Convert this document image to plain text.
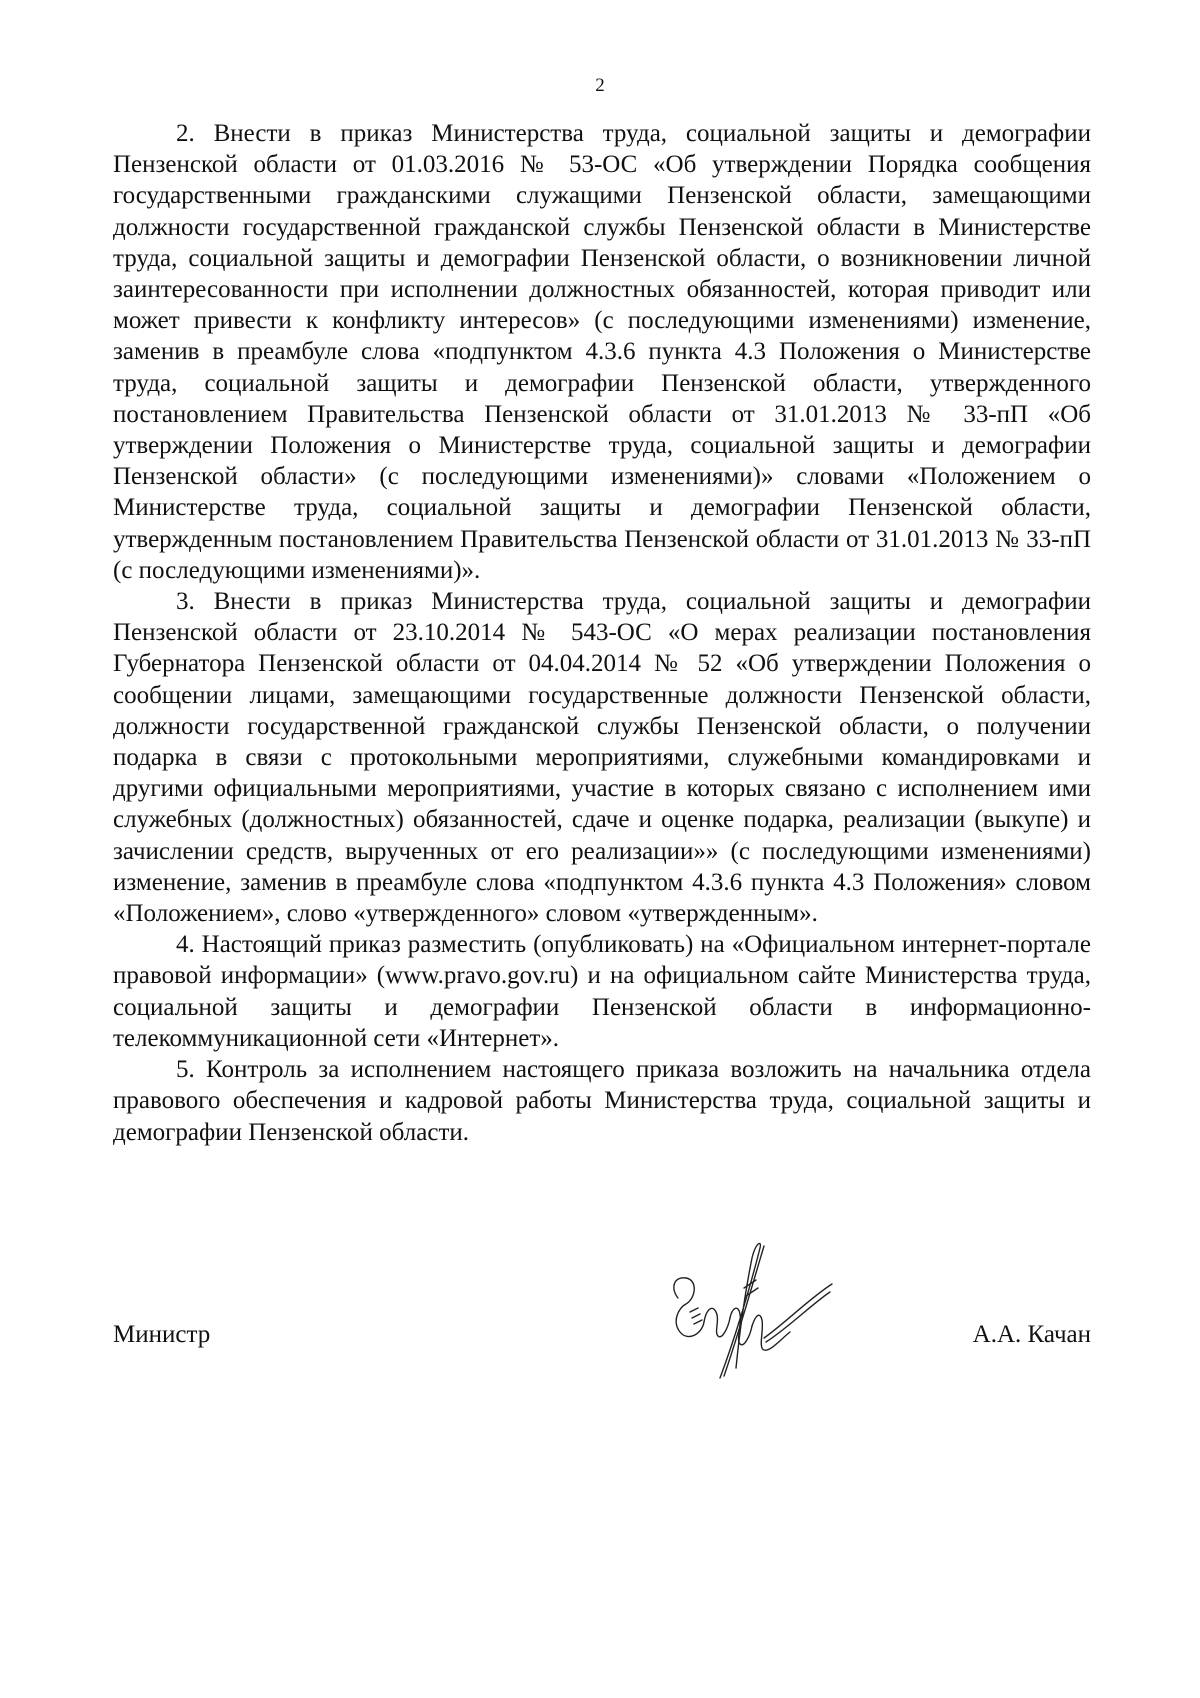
2

2. Внести в приказ Министерства труда, социальной защиты и демографии Пензенской области от 01.03.2016 № 53-ОС «Об утверждении Порядка сообщения государственными гражданскими служащими Пензенской области, замещающими должности государственной гражданской службы Пензенской области в Министерстве труда, социальной защиты и демографии Пензенской области, о возникновении личной заинтересованности при исполнении должностных обязанностей, которая приводит или может привести к конфликту интересов» (с последующими изменениями) изменение, заменив в преамбуле слова «подпунктом 4.3.6 пункта 4.3 Положения о Министерстве труда, социальной защиты и демографии Пензенской области, утвержденного постановлением Правительства Пензенской области от 31.01.2013 № 33-пП «Об утверждении Положения о Министерстве труда, социальной защиты и демографии Пензенской области» (с последующими изменениями)» словами «Положением о Министерстве труда, социальной защиты и демографии Пензенской области, утвержденным постановлением Правительства Пензенской области от 31.01.2013 № 33-пП (с последующими изменениями)».

3. Внести в приказ Министерства труда, социальной защиты и демографии Пензенской области от 23.10.2014 № 543-ОС «О мерах реализации постановления Губернатора Пензенской области от 04.04.2014 № 52 «Об утверждении Положения о сообщении лицами, замещающими государственные должности Пензенской области, должности государственной гражданской службы Пензенской области, о получении подарка в связи с протокольными мероприятиями, служебными командировками и другими официальными мероприятиями, участие в которых связано с исполнением ими служебных (должностных) обязанностей, сдаче и оценке подарка, реализации (выкупе) и зачислении средств, вырученных от его реализации»» (с последующими изменениями) изменение, заменив в преамбуле слова «подпунктом 4.3.6 пункта 4.3 Положения» словом «Положением», слово «утвержденного» словом «утвержденным».

4. Настоящий приказ разместить (опубликовать) на «Официальном интернет-портале правовой информации» (www.pravo.gov.ru) и на официальном сайте Министерства труда, социальной защиты и демографии Пензенской области в информационно-телекоммуникационной сети «Интернет».

5. Контроль за исполнением настоящего приказа возложить на начальника отдела правового обеспечения и кадровой работы Министерства труда, социальной защиты и демографии Пензенской области.

Министр	А.А. Качан
